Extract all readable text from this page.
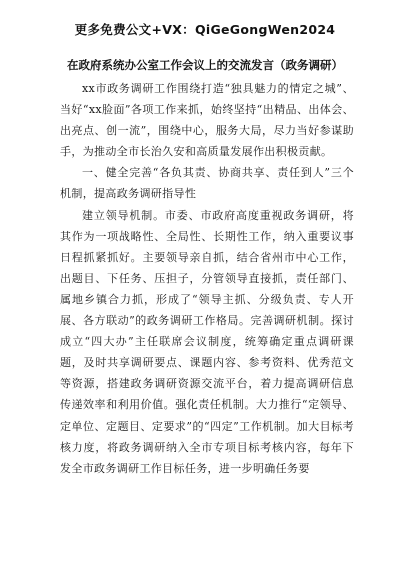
更多免费公文+VX：QiGeGongWen2024
在政府系统办公室工作会议上的交流发言（政务调研）

xx市政务调研工作围绕打造“独具魅力的情定之城”、当好“xx脸面”各项工作来抓，始终坚持“出精品、出体会、出亮点、创一流”，围绕中心，服务大局，尽力当好参谋助手，为推动全市长治久安和高质量发展作出积极贡献。

一、健全完善“各负其责、协商共享、责任到人”三个机制，提高政务调研指导性

建立领导机制。市委、市政府高度重视政务调研，将其作为一项战略性、全局性、长期性工作，纳入重要议事日程抓紧抓好。主要领导亲自抓，结合省州市中心工作，出题目、下任务、压担子，分管领导直接抓，责任部门、属地乡镇合力抓，形成了“领导主抓、分级负责、专人开展、各方联动”的政务调研工作格局。完善调研机制。探讨成立“四大办”主任联席会议制度，统筹确定重点调研课题，及时共享调研要点、课题内容、参考资料、优秀范文等资源，搭建政务调研资源交流平台，着力提高调研信息传递效率和利用价值。强化责任机制。大力推行“定领导、定单位、定题目、定要求”的“四定”工作机制。加大目标考核力度，将政务调研纳入全市专项目标考核内容，每年下发全市政务调研工作目标任务，进一步明确任务要
